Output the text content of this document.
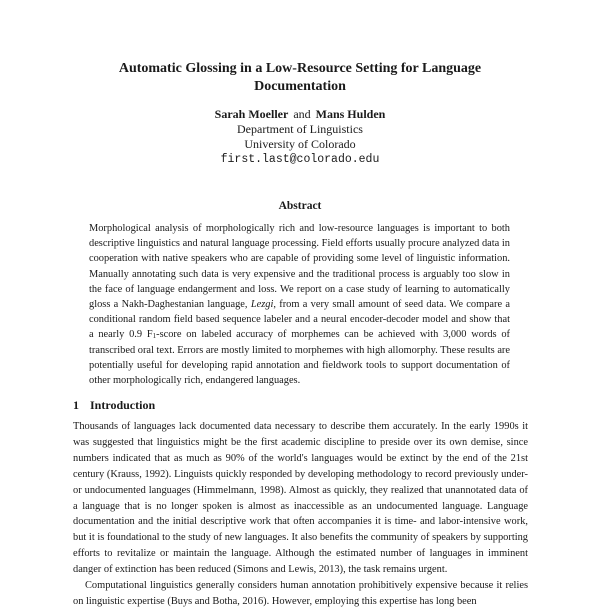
Automatic Glossing in a Low-Resource Setting for Language Documentation
Sarah Moeller and Mans Hulden
Department of Linguistics
University of Colorado
first.last@colorado.edu
Abstract

Morphological analysis of morphologically rich and low-resource languages is important to both descriptive linguistics and natural language processing. Field efforts usually procure analyzed data in cooperation with native speakers who are capable of providing some level of linguistic information. Manually annotating such data is very expensive and the traditional process is arguably too slow in the face of language endangerment and loss. We report on a case study of learning to automatically gloss a Nakh-Daghestanian language, Lezgi, from a very small amount of seed data. We compare a conditional random field based sequence labeler and a neural encoder-decoder model and show that a nearly 0.9 $F_1$-score on labeled accuracy of morphemes can be achieved with 3,000 words of transcribed oral text. Errors are mostly limited to morphemes with high allomorphy. These results are potentially useful for developing rapid annotation and fieldwork tools to support documentation of other morphologically rich, endangered languages.

1 Introduction

Thousands of languages lack documented data necessary to describe them accurately. In the early 1990s it was suggested that linguistics might be the first academic discipline to preside over its own demise, since numbers indicated that as much as 90% of the world's languages would be extinct by the end of the 21st century (Krauss, 1992). Linguists quickly responded by developing methodology to record previously under- or undocumented languages (Himmelmann, 1998). Almost as quickly, they realized that unannotated data of a language that is no longer spoken is almost as inaccessible as an undocumented language. Language documentation and the initial descriptive work that often accompanies it is time- and labor-intensive work, but it is foundational to the study of new languages. It also benefits the community of speakers by supporting efforts to revitalize or maintain the language. Although the estimated number of languages in imminent danger of extinction has been reduced (Simons and Lewis, 2013), the task remains urgent.

Computational linguistics generally considers human annotation prohibitively expensive because it relies on linguistic expertise (Buys and Botha, 2016). However, employing this expertise has long been
